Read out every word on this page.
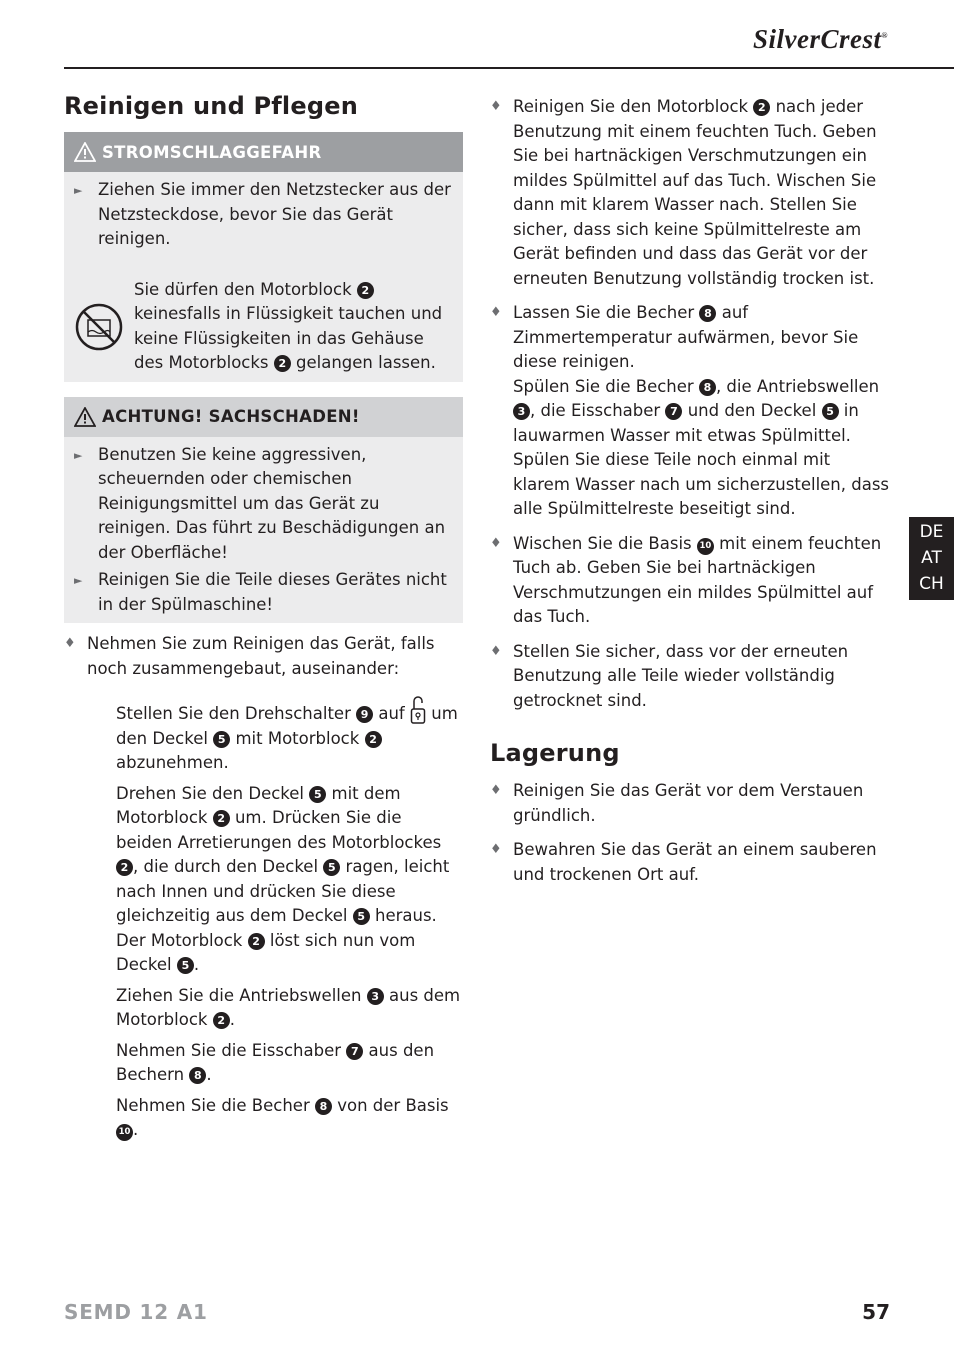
SilverCrest®
Reinigen und Pflegen
STROMSCHLAGGEFAHR
► Ziehen Sie immer den Netzstecker aus der Netzsteckdose, bevor Sie das Gerät reinigen.
Sie dürfen den Motorblock 2 keinesfalls in Flüssigkeit tauchen und keine Flüssigkeiten in das Gehäuse des Motorblocks 2 gelangen lassen.
ACHTUNG! SACHSCHADEN!
► Benutzen Sie keine aggressiven, scheuernden oder chemischen Reinigungsmittel um das Gerät zu reinigen. Das führt zu Beschädigungen an der Oberfläche!
► Reinigen Sie die Teile dieses Gerätes nicht in der Spülmaschine!
♦ Nehmen Sie zum Reinigen das Gerät, falls noch zusammengebaut, auseinander:
Stellen Sie den Drehschalter 9 auf um den Deckel 5 mit Motorblock 2 abzunehmen.
Drehen Sie den Deckel 5 mit dem Motorblock 2 um. Drücken Sie die beiden Arretierungen des Motorblockes 2 , die durch den Deckel 5 ragen, leicht nach Innen und drücken Sie diese gleichzeitig aus dem Deckel 5 heraus. Der Motorblock 2 löst sich nun vom Deckel 5 .
Ziehen Sie die Antriebswellen 3 aus dem Motorblock 2 .
Nehmen Sie die Eisschaber 7 aus den Bechern 8 .
Nehmen Sie die Becher 8 von der Basis 10 .
♦ Reinigen Sie den Motorblock 2 nach jeder Benutzung mit einem feuchten Tuch. Geben Sie bei hartnäckigen Verschmutzungen ein mildes Spülmittel auf das Tuch. Wischen Sie dann mit klarem Wasser nach. Stellen Sie sicher, dass sich keine Spülmittelreste am Gerät befinden und dass das Gerät vor der erneuten Benutzung vollständig trocken ist.
♦ Lassen Sie die Becher 8 auf Zimmertemperatur aufwärmen, bevor Sie diese reinigen.
Spülen Sie die Becher 8 , die Antriebswellen 3 , die Eisschaber 7 und den Deckel 5 in lauwarmen Wasser mit etwas Spülmittel. Spülen Sie diese Teile noch einmal mit klarem Wasser nach um sicherzustellen, dass alle Spülmittelreste beseitigt sind.
♦ Wischen Sie die Basis 10 mit einem feuchten Tuch ab. Geben Sie bei hartnäckigen Verschmutzungen ein mildes Spülmittel auf das Tuch.
♦ Stellen Sie sicher, dass vor der erneuten Benutzung alle Teile wieder vollständig getrocknet sind.
Lagerung
♦ Reinigen Sie das Gerät vor dem Verstauen gründlich.
♦ Bewahren Sie das Gerät an einem sauberen und trockenen Ort auf.
DE
AT
CH
SEMD 12 A1	57
